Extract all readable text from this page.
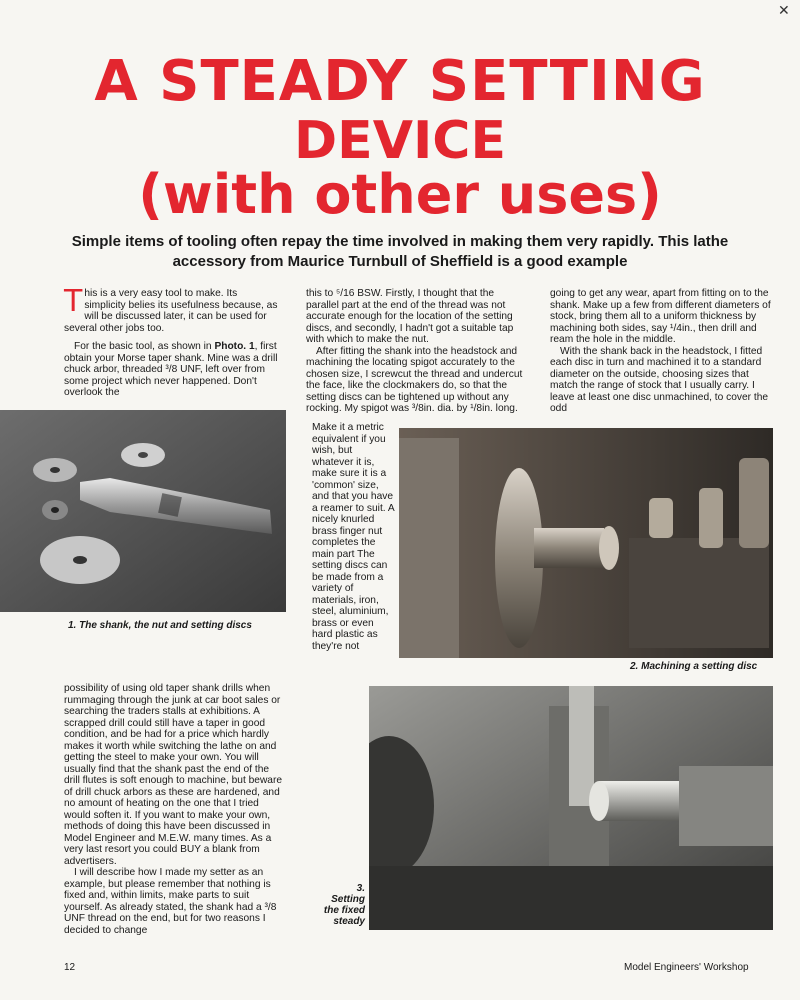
✕
A STEADY SETTING
DEVICE
(with other uses)
Simple items of tooling often repay the time involved in making them very rapidly. This lathe accessory from Maurice Turnbull of Sheffield is a good example

This is a very easy tool to make. Its simplicity belies its usefulness because, as will be discussed later, it can be used for several other jobs too.

For the basic tool, as shown in Photo. 1, first obtain your Morse taper shank. Mine was a drill chuck arbor, threaded ³/8 UNF, left over from some project which never happened. Don't overlook the

this to ⁵/16 BSW. Firstly, I thought that the parallel part at the end of the thread was not accurate enough for the location of the setting discs, and secondly, I hadn't got a suitable tap with which to make the nut.

After fitting the shank into the headstock and machining the locating spigot accurately to the chosen size, I screwcut the thread and undercut the face, like the clockmakers do, so that the setting discs can be tightened up without any rocking. My spigot was ³/8in. dia. by ¹/8in. long.

Make it a metric equivalent if you wish, but whatever it is, make sure it is a 'common' size, and that you have a reamer to suit. A nicely knurled brass finger nut completes the main part The setting discs can be made from a variety of materials, iron, steel, aluminium, brass or even hard plastic as they're not

going to get any wear, apart from fitting on to the shank. Make up a few from different diameters of stock, bring them all to a uniform thickness by machining both sides, say ¹/4in., then drill and ream the hole in the middle.

With the shank back in the headstock, I fitted each disc in turn and machined it to a standard diameter on the outside, choosing sizes that match the range of stock that I usually carry. I leave at least one disc unmachined, to cover the odd

1. The shank, the nut and setting discs
2. Machining a setting disc

possibility of using old taper shank drills when rummaging through the junk at car boot sales or searching the traders stalls at exhibitions. A scrapped drill could still have a taper in good condition, and be had for a price which hardly makes it worth while switching the lathe on and getting the steel to make your own. You will usually find that the shank past the end of the drill flutes is soft enough to machine, but beware of drill chuck arbors as these are hardened, and no amount of heating on the one that I tried would soften it. If you want to make your own, methods of doing this have been discussed in Model Engineer and M.E.W. many times. As a very last resort you could BUY a blank from advertisers.

I will describe how I made my setter as an example, but please remember that nothing is fixed and, within limits, make parts to suit yourself. As already stated, the shank had a ³/8 UNF thread on the end, but for two reasons I decided to change

3.
Setting
the fixed
steady
12	Model Engineers' Workshop
